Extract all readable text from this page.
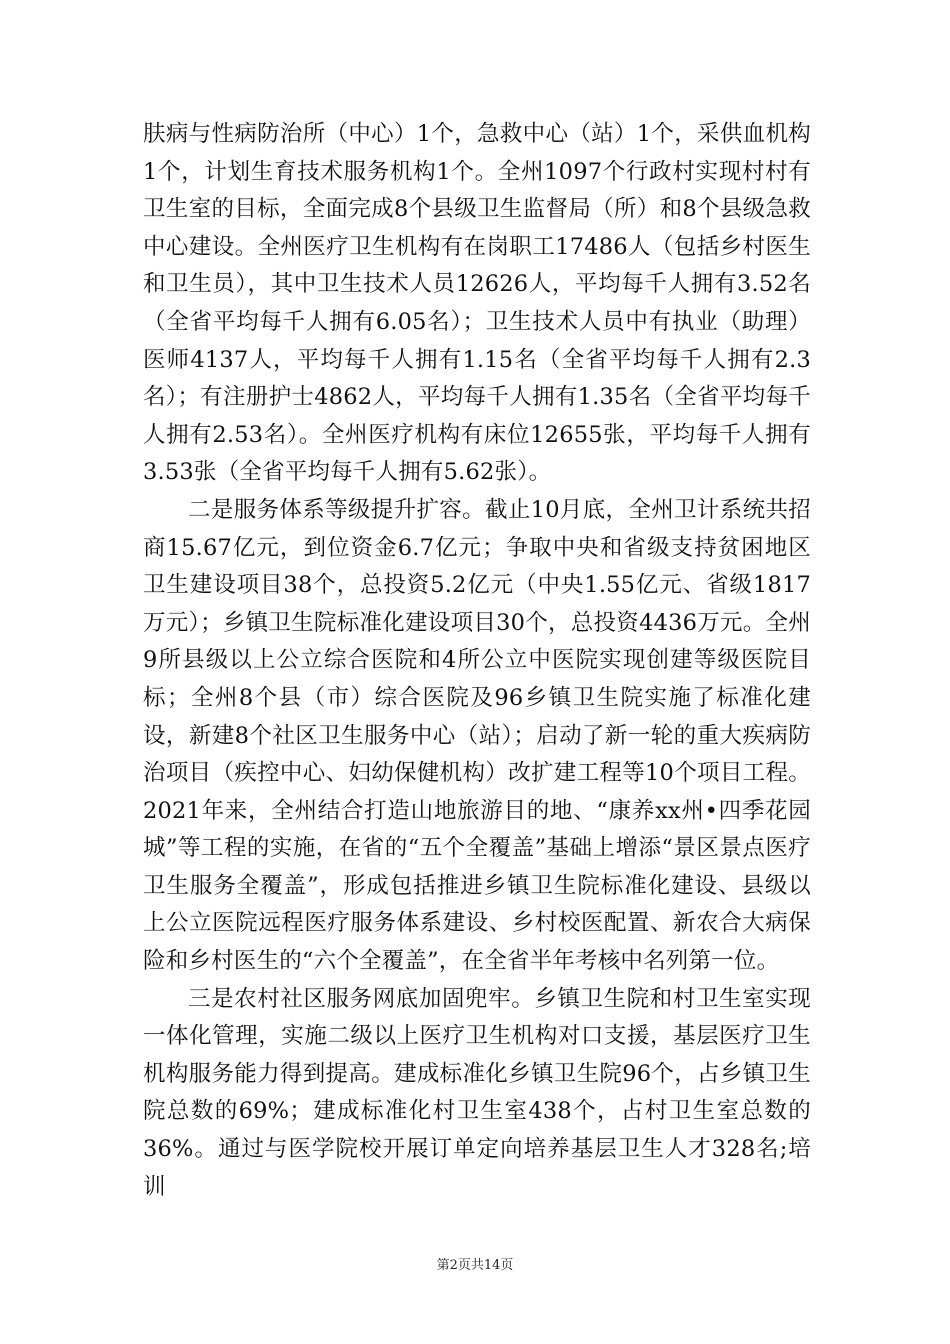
肤病与性病防治所（中心）1个，急救中心（站）1个，采供血机构1个，计划生育技术服务机构1个。全州1097个行政村实现村村有卫生室的目标，全面完成8个县级卫生监督局（所）和8个县级急救中心建设。全州医疗卫生机构有在岗职工17486人（包括乡村医生和卫生员），其中卫生技术人员12626人，平均每千人拥有3.52名（全省平均每千人拥有6.05名）；卫生技术人员中有执业（助理）医师4137人，平均每千人拥有1.15名（全省平均每千人拥有2.3名）；有注册护士4862人，平均每千人拥有1.35名（全省平均每千人拥有2.53名）。全州医疗机构有床位12655张，平均每千人拥有3.53张（全省平均每千人拥有5.62张）。

二是服务体系等级提升扩容。截止10月底，全州卫计系统共招商15.67亿元，到位资金6.7亿元；争取中央和省级支持贫困地区卫生建设项目38个，总投资5.2亿元（中央1.55亿元、省级1817万元）；乡镇卫生院标准化建设项目30个，总投资4436万元。全州9所县级以上公立综合医院和4所公立中医院实现创建等级医院目标；全州8个县（市）综合医院及96乡镇卫生院实施了标准化建设，新建8个社区卫生服务中心（站）；启动了新一轮的重大疾病防治项目（疾控中心、妇幼保健机构）改扩建工程等10个项目工程。2021年来，全州结合打造山地旅游目的地、“康养xx州•四季花园城”等工程的实施，在省的“五个全覆盖”基础上增添“景区景点医疗卫生服务全覆盖”，形成包括推进乡镇卫生院标准化建设、县级以上公立医院远程医疗服务体系建设、乡村校医配置、新农合大病保险和乡村医生的“六个全覆盖”，在全省半年考核中名列第一位。

三是农村社区服务网底加固兜牢。乡镇卫生院和村卫生室实现一体化管理，实施二级以上医疗卫生机构对口支援，基层医疗卫生机构服务能力得到提高。建成标准化乡镇卫生院96个，占乡镇卫生院总数的69%；建成标准化村卫生室438个，占村卫生室总数的36%。通过与医学院校开展订单定向培养基层卫生人才328名;培训

第2页共14页
